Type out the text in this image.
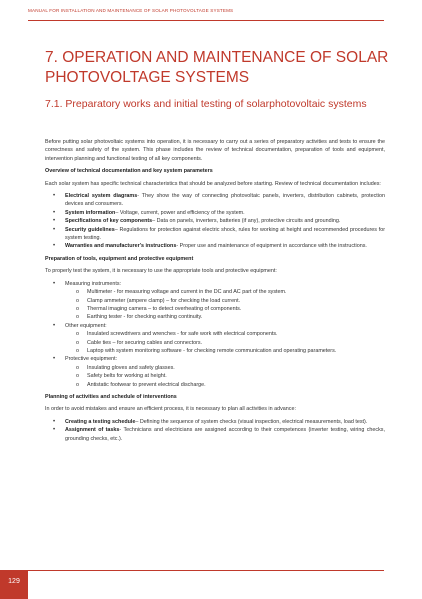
MANUAL FOR INSTALLATION AND MAINTENANCE OF SOLAR PHOTOVOLTAGE SYSTEMS
7. OPERATION AND MAINTENANCE OF SOLAR PHOTOVOLTAGE SYSTEMS
7.1. Preparatory works and initial testing of solarphotovoltaic systems

Before putting solar photovoltaic systems into operation, it is necessary to carry out a series of preparatory activities and tests to ensure the correctness and safety of the system. This phase includes the review of technical documentation, preparation of tools and equipment, intervention planning and functional testing of all key components.

Overview of technical documentation and key system parameters

Each solar system has specific technical characteristics that should be analyzed before starting. Review of technical documentation includes:

• Electrical system diagrams- They show the way of connecting photovoltaic panels, inverters, distribution cabinets, protection devices and consumers.
• System information– Voltage, current, power and efficiency of the system.
• Specifications of key components– Data on panels, inverters, batteries (if any), protective circuits and grounding.
• Security guidelines– Regulations for protection against electric shock, rules for working at height and recommended procedures for system testing.
• Warranties and manufacturer's instructions- Proper use and maintenance of equipment in accordance with the instructions.

Preparation of tools, equipment and protective equipment

To properly test the system, it is necessary to use the appropriate tools and protective equipment:

• Measuring instruments:
o Multimeter - for measuring voltage and current in the DC and AC part of the system.
o Clamp ammeter (ampere clamp) – for checking the load current.
o Thermal imaging camera – to detect overheating of components.
o Earthing tester - for checking earthing continuity.
• Other equipment:
o Insulated screwdrivers and wrenches - for safe work with electrical components.
o Cable ties – for securing cables and connectors.
o Laptop with system monitoring software - for checking remote communication and operating parameters.
• Protective equipment:
o Insulating gloves and safety glasses.
o Safety belts for working at height.
o Antistatic footwear to prevent electrical discharge.

Planning of activities and schedule of interventions

In order to avoid mistakes and ensure an efficient process, it is necessary to plan all activities in advance:

• Creating a testing schedule– Defining the sequence of system checks (visual inspection, electrical measurements, load test).
• Assignment of tasks- Technicians and electricians are assigned according to their competences (inverter testing, wiring checks, grounding checks, etc.).
129
